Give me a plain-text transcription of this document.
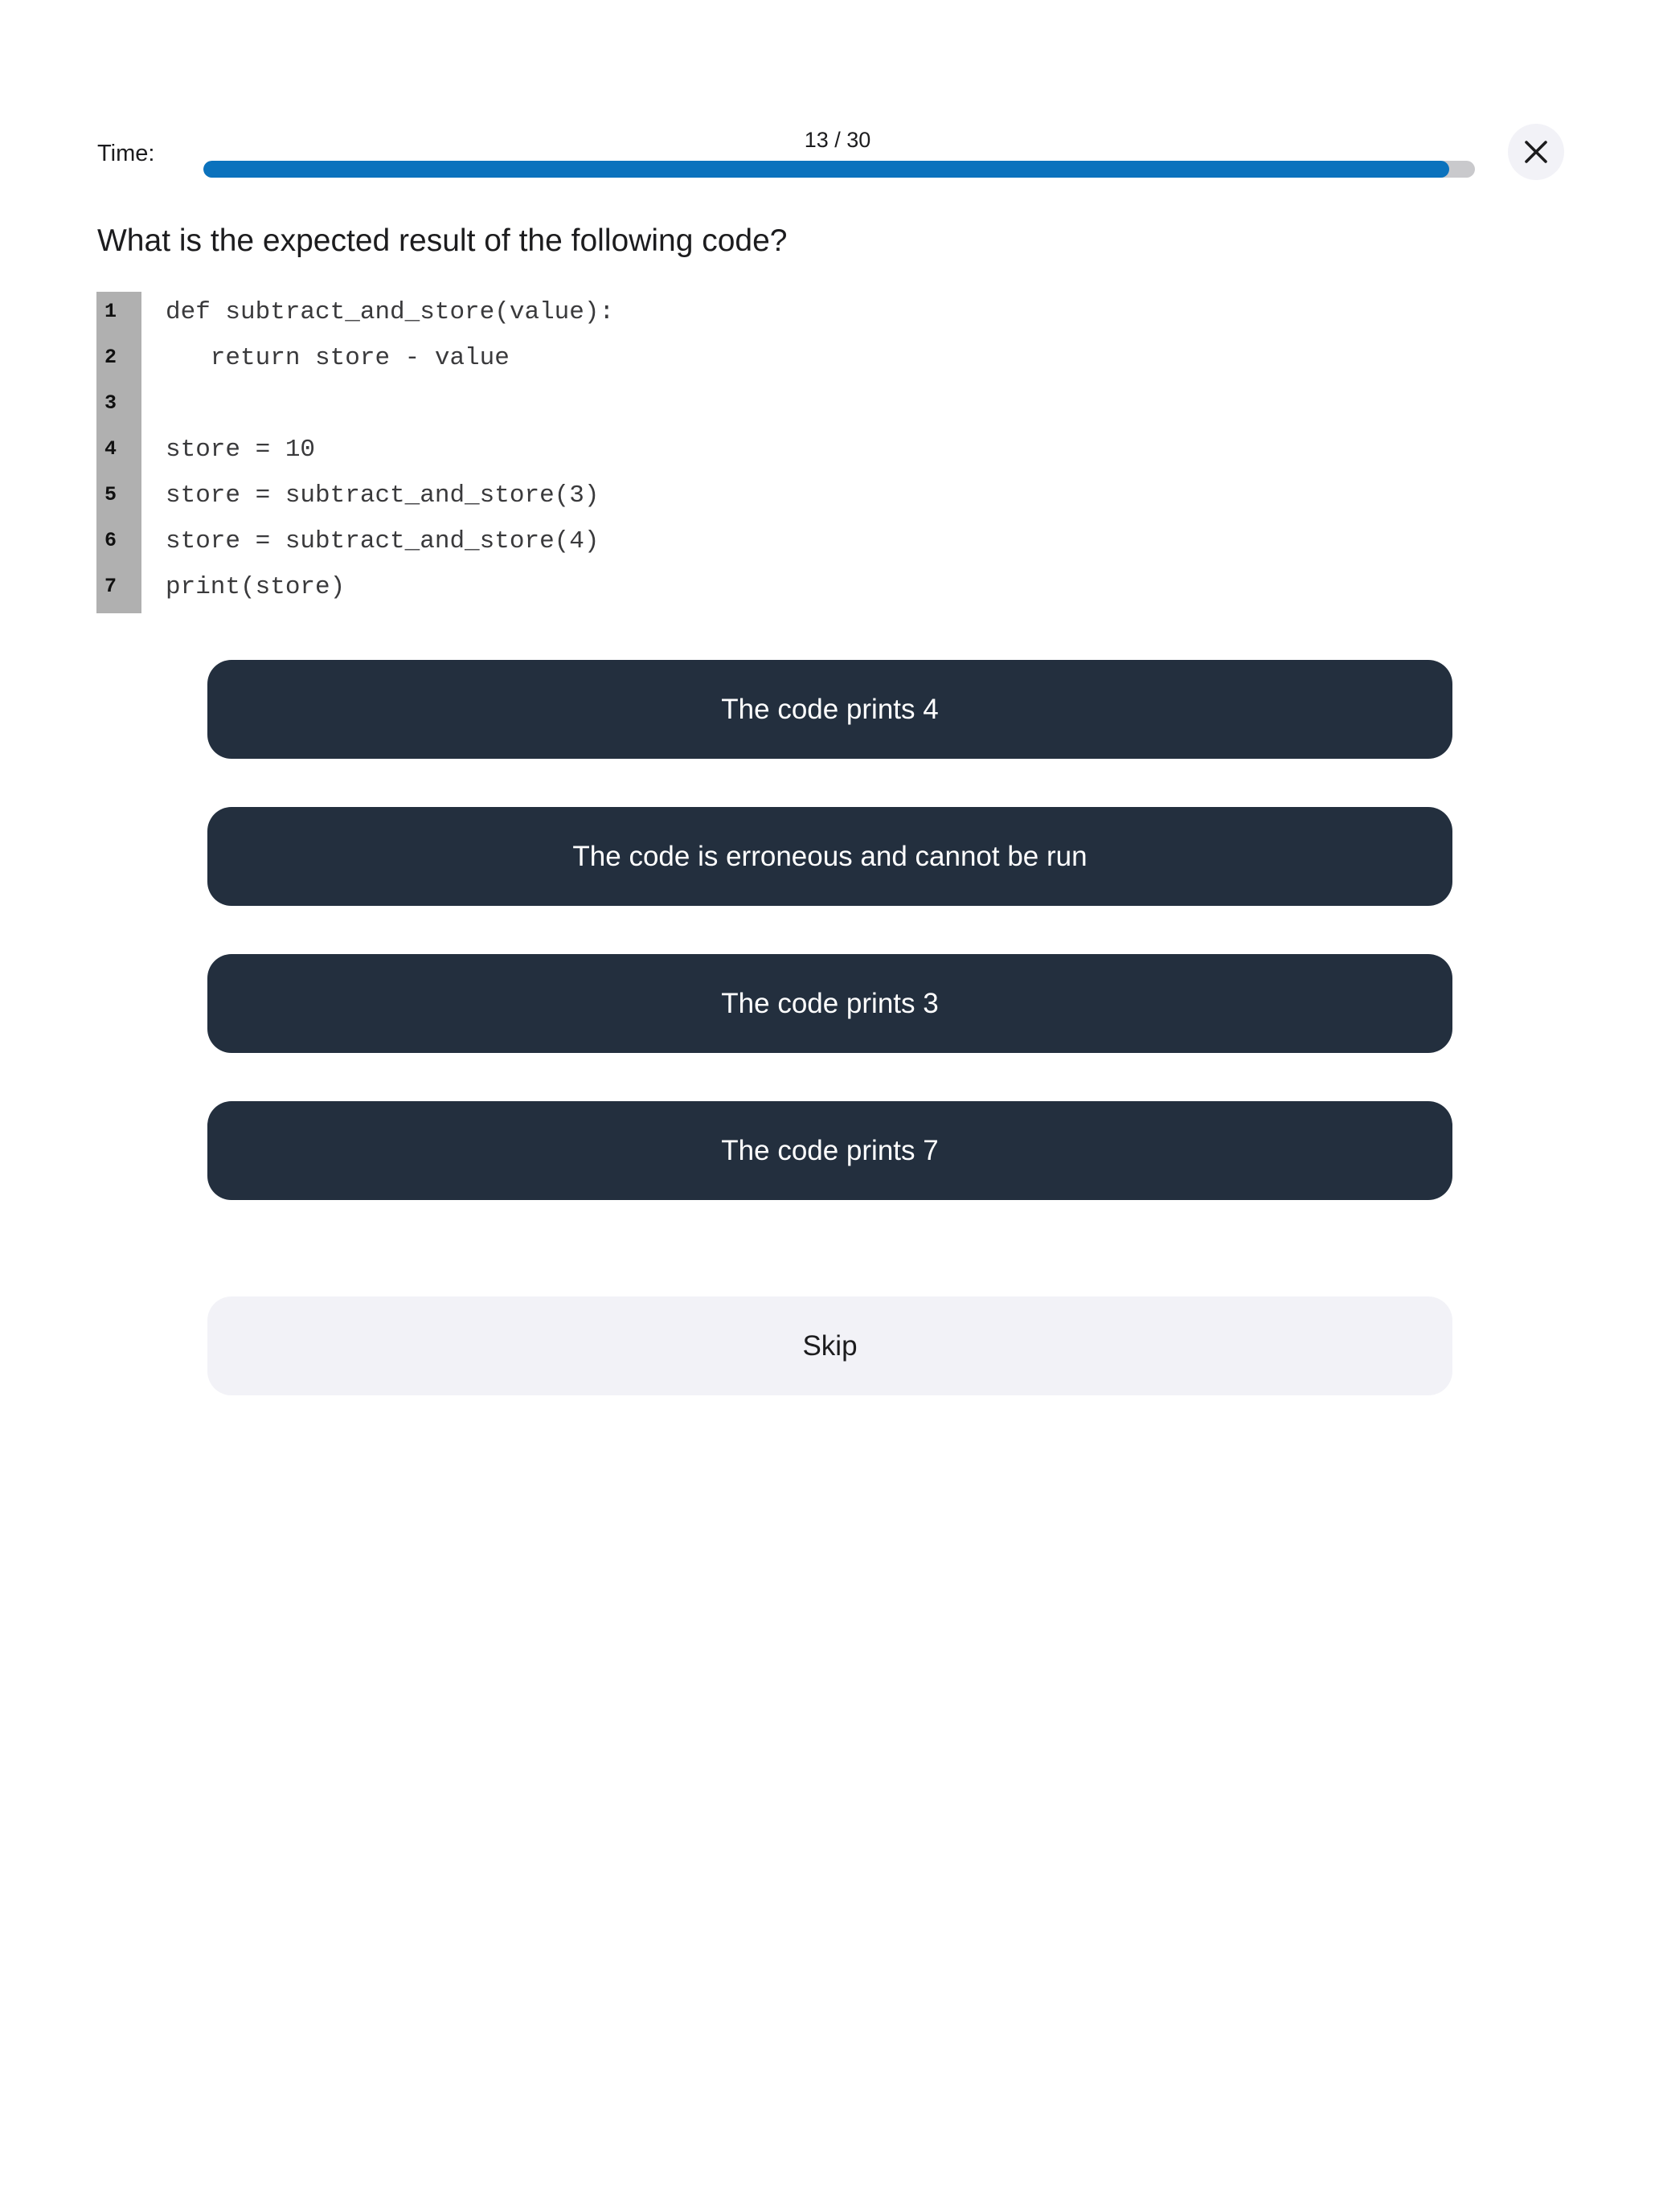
Time:
13 / 30
What is the expected result of the following code?
1	def subtract_and_store(value):
2	return store - value
3
4	store = 10
5	store = subtract_and_store(3)
6	store = subtract_and_store(4)
7	print(store)
The code prints 4
The code is erroneous and cannot be run
The code prints 3
The code prints 7
Skip
